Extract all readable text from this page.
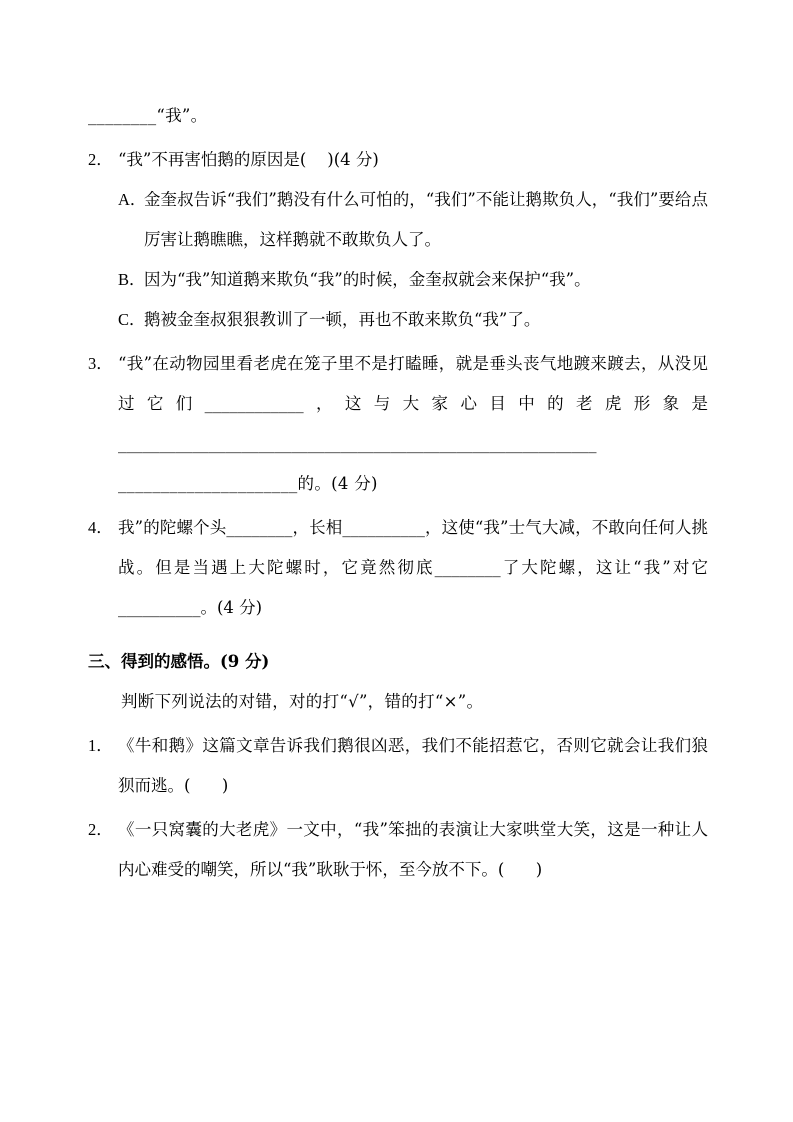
________“我”。
2． “我”不再害怕鹅的原因是(    )(4 分)
A．
金奎叔告诉“我们”鹅没有什么可怕的，“我们”不能让鹅欺负人，“我们”要给点厉害让鹅瞧瞧，这样鹅就不敢欺负人了。
B．
因为“我”知道鹅来欺负“我”的时候，金奎叔就会来保护“我”。
C．
鹅被金奎叔狠狠教训了一顿，再也不敢来欺负“我”了。
3． “我”在动物园里看老虎在笼子里不是打瞌睡，就是垂头丧气地踱来踱去，从没见过它们____________，这与大家心目中的老虎形象是__________________________________________________________
_____________________的。(4 分)
4． 我”的陀螺个头________，长相__________，这使“我”士气大减，不敢向任何人挑战。但是当遇上大陀螺时，它竟然彻底________了大陀螺，这让“我”对它__________。(4 分)
三、得到的感悟。(9 分)
判断下列说法的对错，对的打“√”，错的打“×”。
1． 《牛和鹅》这篇文章告诉我们鹅很凶恶，我们不能招惹它，否则它就会让我们狼狈而逃。(      )
2． 《一只窝囊的大老虎》一文中，“我”笨拙的表演让大家哄堂大笑，这是一种让人内心难受的嘲笑，所以“我”耿耿于怀，至今放不下。(      )
